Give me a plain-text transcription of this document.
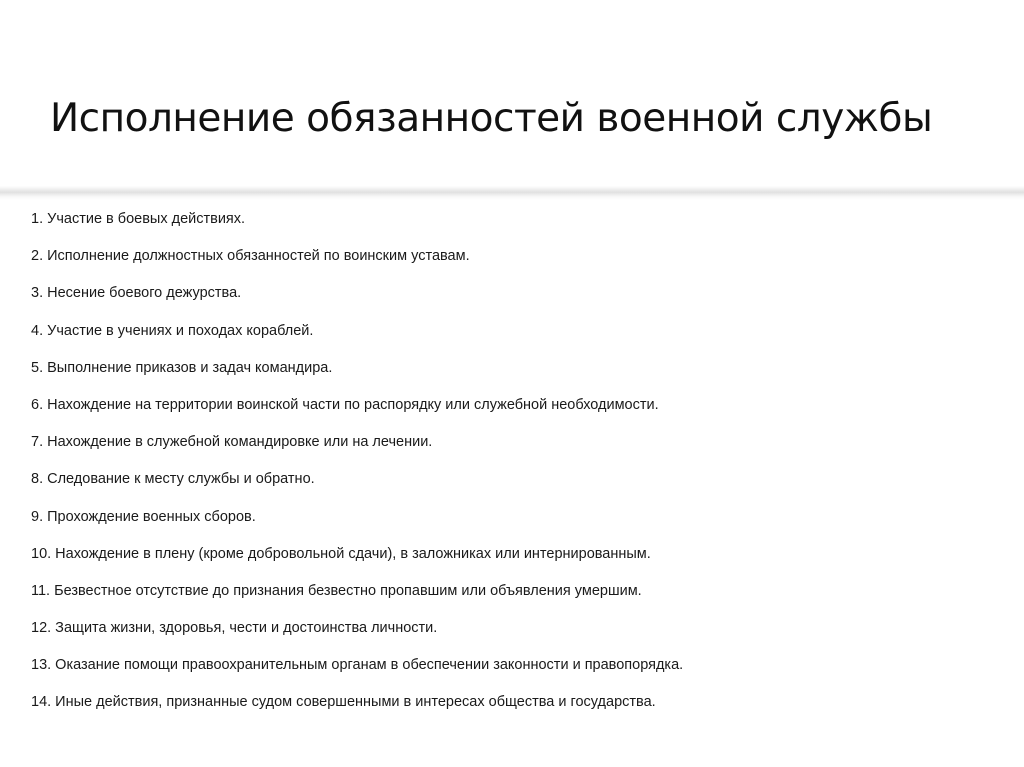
Исполнение обязанностей военной службы
1. Участие в боевых действиях.
2. Исполнение должностных обязанностей по воинским уставам.
3. Несение боевого дежурства.
4. Участие в учениях и походах кораблей.
5. Выполнение приказов и задач командира.
6. Нахождение на территории воинской части по распорядку или служебной необходимости.
7. Нахождение в служебной командировке или на лечении.
8. Следование к месту службы и обратно.
9. Прохождение военных сборов.
10. Нахождение в плену (кроме добровольной сдачи), в заложниках или интернированным.
11. Безвестное отсутствие до признания безвестно пропавшим или объявления умершим.
12. Защита жизни, здоровья, чести и достоинства личности.
13. Оказание помощи правоохранительным органам в обеспечении законности и правопорядка.
14. Иные действия, признанные судом совершенными в интересах общества и государства.
